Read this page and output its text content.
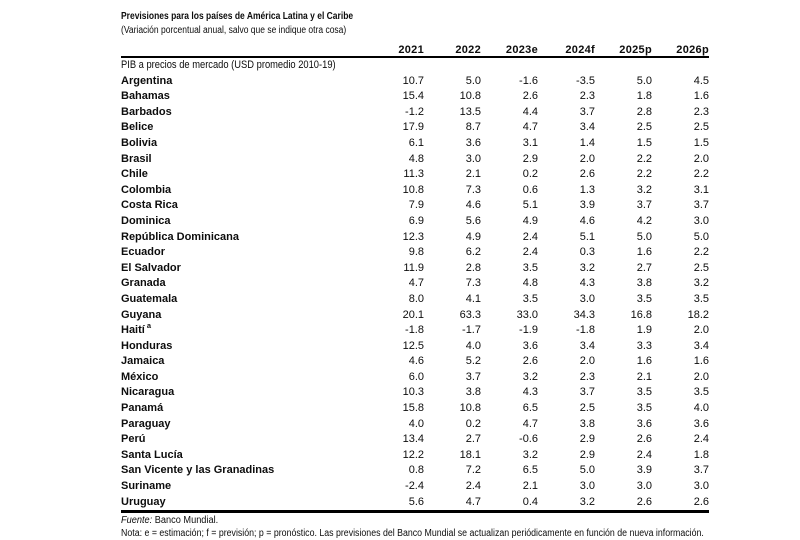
Previsiones para los países de América Latina y el Caribe
(Variación porcentual anual, salvo que se indique otra cosa)
	2021	2022	2023e	2024f	2025p	2026p
PIB a precios de mercado (USD promedio 2010-19)						
Argentina	10.7	5.0	-1.6	-3.5	5.0	4.5
Bahamas	15.4	10.8	2.6	2.3	1.8	1.6
Barbados	-1.2	13.5	4.4	3.7	2.8	2.3
Belice	17.9	8.7	4.7	3.4	2.5	2.5
Bolivia	6.1	3.6	3.1	1.4	1.5	1.5
Brasil	4.8	3.0	2.9	2.0	2.2	2.0
Chile	11.3	2.1	0.2	2.6	2.2	2.2
Colombia	10.8	7.3	0.6	1.3	3.2	3.1
Costa Rica	7.9	4.6	5.1	3.9	3.7	3.7
Dominica	6.9	5.6	4.9	4.6	4.2	3.0
República Dominicana	12.3	4.9	2.4	5.1	5.0	5.0
Ecuador	9.8	6.2	2.4	0.3	1.6	2.2
El Salvador	11.9	2.8	3.5	3.2	2.7	2.5
Granada	4.7	7.3	4.8	4.3	3.8	3.2
Guatemala	8.0	4.1	3.5	3.0	3.5	3.5
Guyana	20.1	63.3	33.0	34.3	16.8	18.2
Haití $^a$	-1.8	-1.7	-1.9	-1.8	1.9	2.0
Honduras	12.5	4.0	3.6	3.4	3.3	3.4
Jamaica	4.6	5.2	2.6	2.0	1.6	1.6
México	6.0	3.7	3.2	2.3	2.1	2.0
Nicaragua	10.3	3.8	4.3	3.7	3.5	3.5
Panamá	15.8	10.8	6.5	2.5	3.5	4.0
Paraguay	4.0	0.2	4.7	3.8	3.6	3.6
Perú	13.4	2.7	-0.6	2.9	2.6	2.4
Santa Lucía	12.2	18.1	3.2	2.9	2.4	1.8
San Vicente y las Granadinas	0.8	7.2	6.5	5.0	3.9	3.7
Suriname	-2.4	2.4	2.1	3.0	3.0	3.0
Uruguay	5.6	4.7	0.4	3.2	2.6	2.6
Fuente: Banco Mundial.
Nota: e = estimación; f = previsión; p = pronóstico. Las previsiones del Banco Mundial se actualizan periódicamente en función de nueva información.
